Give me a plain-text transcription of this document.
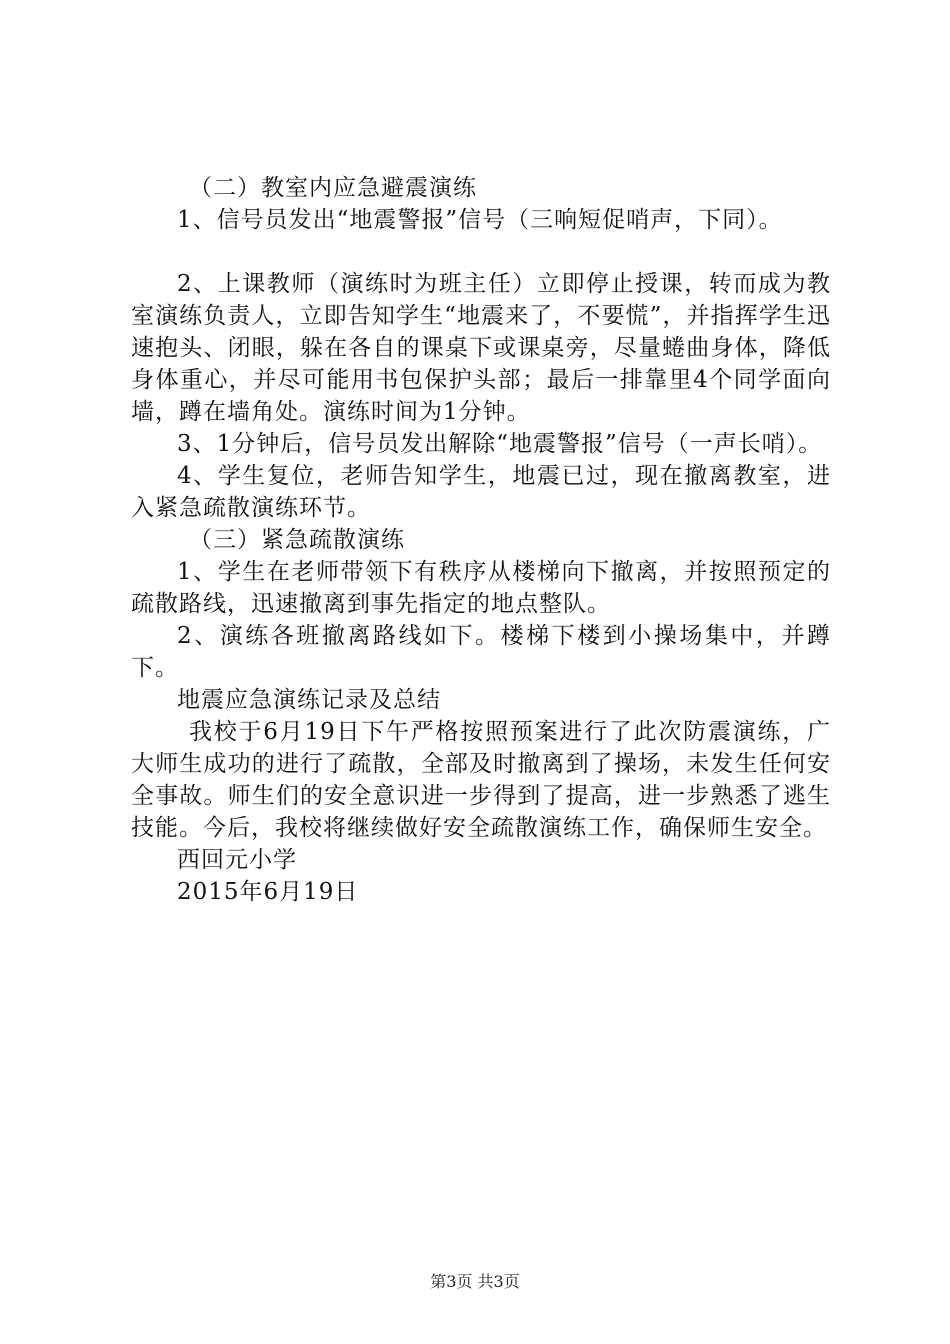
（二）教室内应急避震演练

1、信号员发出“地震警报”信号（三响短促哨声，下同）。

2、上课教师（演练时为班主任）立即停止授课，转而成为教室演练负责人，立即告知学生“地震来了，不要慌”，并指挥学生迅速抱头、闭眼，躲在各自的课桌下或课桌旁，尽量蜷曲身体，降低身体重心，并尽可能用书包保护头部；最后一排靠里4个同学面向墙，蹲在墙角处。演练时间为1分钟。

3、1分钟后，信号员发出解除“地震警报”信号（一声长哨）。

4、学生复位，老师告知学生，地震已过，现在撤离教室，进入紧急疏散演练环节。

（三）紧急疏散演练

1、学生在老师带领下有秩序从楼梯向下撤离，并按照预定的疏散路线，迅速撤离到事先指定的地点整队。

2、演练各班撤离路线如下。楼梯下楼到小操场集中，并蹲下。

地震应急演练记录及总结

我校于6月19日下午严格按照预案进行了此次防震演练，广大师生成功的进行了疏散，全部及时撤离到了操场，未发生任何安全事故。师生们的安全意识进一步得到了提高，进一步熟悉了逃生技能。今后，我校将继续做好安全疏散演练工作，确保师生安全。

西回元小学

2015年6月19日

第3页 共3页
